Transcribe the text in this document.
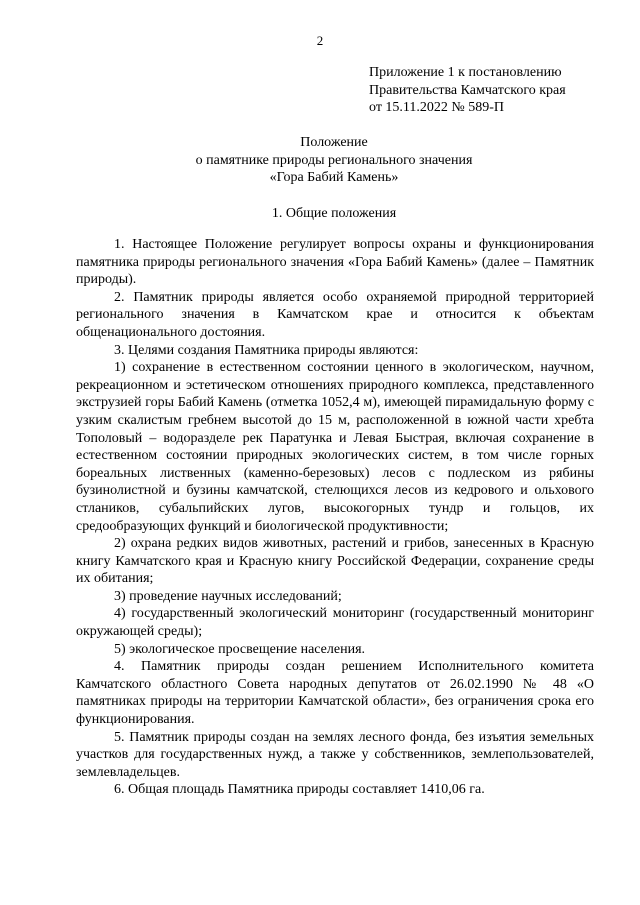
2
Приложение 1 к постановлению
Правительства Камчатского края
от 15.11.2022 № 589-П
Положение
о памятнике природы регионального значения
«Гора Бабий Камень»
1. Общие положения

1. Настоящее Положение регулирует вопросы охраны и функционирования памятника природы регионального значения «Гора Бабий Камень» (далее – Памятник природы).

2. Памятник природы является особо охраняемой природной территорией регионального значения в Камчатском крае и относится к объектам общенационального достояния.

3. Целями создания Памятника природы являются:

1) сохранение в естественном состоянии ценного в экологическом, научном, рекреационном и эстетическом отношениях природного комплекса, представленного экструзией горы Бабий Камень (отметка 1052,4 м), имеющей пирамидальную форму с узким скалистым гребнем высотой до 15 м, расположенной в южной части хребта Тополовый – водоразделе рек Паратунка и Левая Быстрая, включая сохранение в естественном состоянии природных экологических систем, в том числе горных бореальных лиственных (каменно-березовых) лесов с подлеском из рябины бузинолистной и бузины камчатской, стелющихся лесов из кедрового и ольхового стлаников, субальпийских лугов, высокогорных тундр и гольцов, их средообразующих функций и биологической продуктивности;

2) охрана редких видов животных, растений и грибов, занесенных в Красную книгу Камчатского края и Красную книгу Российской Федерации, сохранение среды их обитания;

3) проведение научных исследований;

4) государственный экологический мониторинг (государственный мониторинг окружающей среды);

5) экологическое просвещение населения.

4. Памятник природы создан решением Исполнительного комитета Камчатского областного Совета народных депутатов от 26.02.1990 № 48 «О памятниках природы на территории Камчатской области», без ограничения срока его функционирования.

5. Памятник природы создан на землях лесного фонда, без изъятия земельных участков для государственных нужд, а также у собственников, землепользователей, землевладельцев.

6. Общая площадь Памятника природы составляет 1410,06 га.
